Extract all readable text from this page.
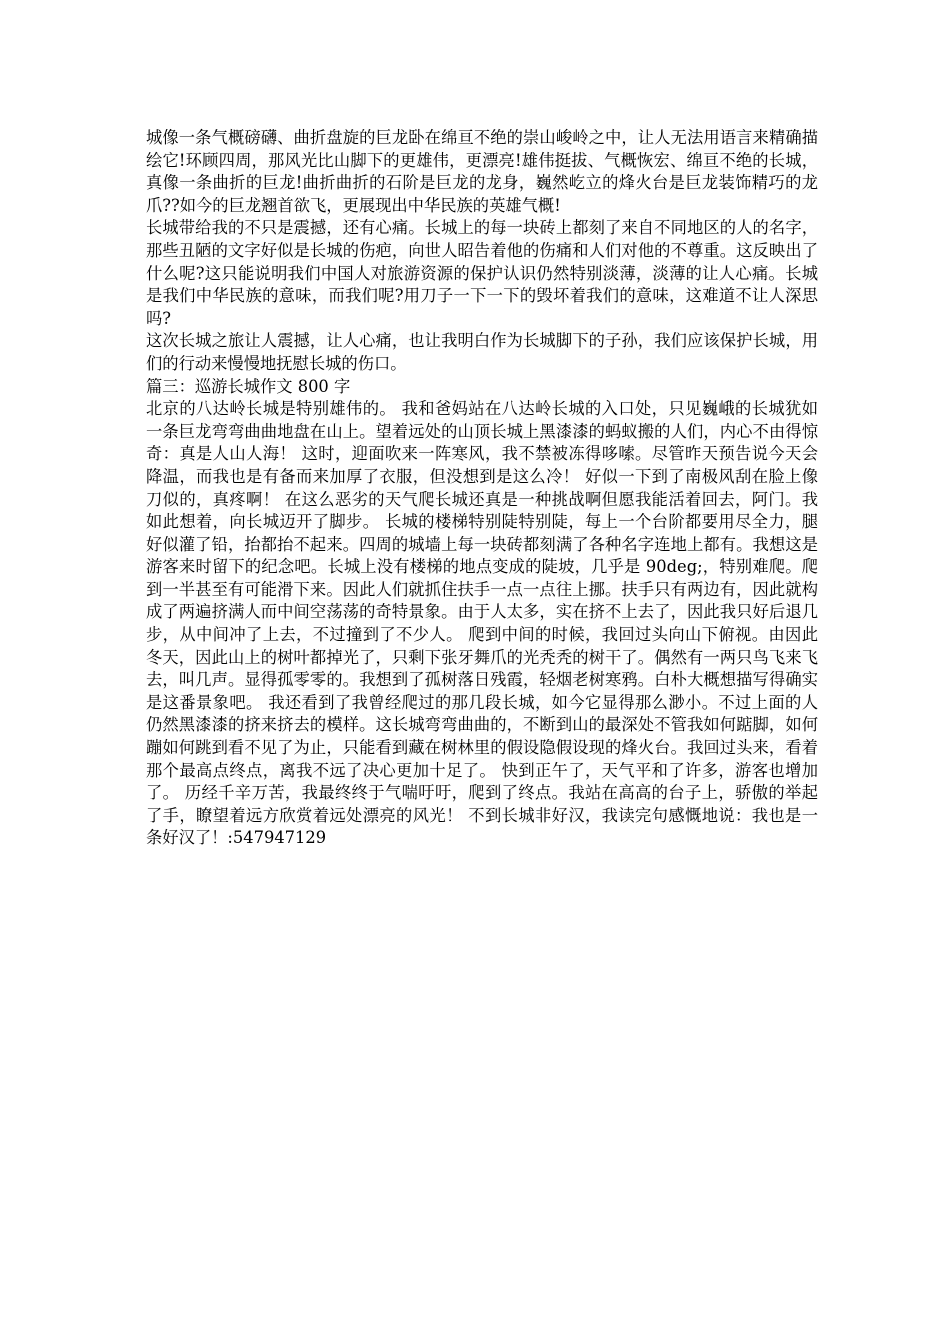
城像一条气概磅礴、曲折盘旋的巨龙卧在绵亘不绝的崇山峻岭之中，让人无法用语言来精确描绘它!环顾四周，那风光比山脚下的更雄伟，更漂亮!雄伟挺拔、气概恢宏、绵亘不绝的长城，真像一条曲折的巨龙!曲折曲折的石阶是巨龙的龙身，巍然屹立的烽火台是巨龙装饰精巧的龙爪??如今的巨龙翘首欲飞，更展现出中华民族的英雄气概!

长城带给我的不只是震撼，还有心痛。长城上的每一块砖上都刻了来自不同地区的人的名字，那些丑陋的文字好似是长城的伤疤，向世人昭告着他的伤痛和人们对他的不尊重。这反映出了什么呢?这只能说明我们中国人对旅游资源的保护认识仍然特别淡薄，淡薄的让人心痛。长城是我们中华民族的意味，而我们呢?用刀子一下一下的毁坏着我们的意味，这难道不让人深思吗?

这次长城之旅让人震撼，让人心痛，也让我明白作为长城脚下的子孙，我们应该保护长城，用们的行动来慢慢地抚慰长城的伤口。

篇三：巡游长城作文 800 字

北京的八达岭长城是特别雄伟的。 我和爸妈站在八达岭长城的入口处，只见巍峨的长城犹如一条巨龙弯弯曲曲地盘在山上。望着远处的山顶长城上黑漆漆的蚂蚁搬的人们，内心不由得惊奇：真是人山人海！ 这时，迎面吹来一阵寒风，我不禁被冻得哆嗦。尽管昨天预告说今天会降温，而我也是有备而来加厚了衣服，但没想到是这么冷！ 好似一下到了南极风刮在脸上像刀似的，真疼啊！ 在这么恶劣的天气爬长城还真是一种挑战啊但愿我能活着回去，阿门。我如此想着，向长城迈开了脚步。 长城的楼梯特别陡特别陡，每上一个台阶都要用尽全力，腿好似灌了铅，抬都抬不起来。四周的城墙上每一块砖都刻满了各种名字连地上都有。我想这是游客来时留下的纪念吧。长城上没有楼梯的地点变成的陡坡，几乎是 90deg;，特别难爬。爬到一半甚至有可能滑下来。因此人们就抓住扶手一点一点往上挪。扶手只有两边有，因此就构成了两遍挤满人而中间空荡荡的奇特景象。由于人太多，实在挤不上去了，因此我只好后退几步，从中间冲了上去，不过撞到了不少人。 爬到中间的时候，我回过头向山下俯视。由因此冬天，因此山上的树叶都掉光了，只剩下张牙舞爪的光秃秃的树干了。偶然有一两只鸟飞来飞去，叫几声。显得孤零零的。我想到了孤树落日残霞，轻烟老树寒鸦。白朴大概想描写得确实是这番景象吧。 我还看到了我曾经爬过的那几段长城，如今它显得那么渺小。不过上面的人仍然黑漆漆的挤来挤去的模样。这长城弯弯曲曲的，不断到山的最深处不管我如何踮脚，如何蹦如何跳到看不见了为止，只能看到藏在树林里的假设隐假设现的烽火台。我回过头来，看着那个最高点终点，离我不远了决心更加十足了。 快到正午了，天气平和了许多，游客也增加了。 历经千辛万苦，我最终终于气喘吁吁，爬到了终点。我站在高高的台子上，骄傲的举起了手，瞭望着远方欣赏着远处漂亮的风光！ 不到长城非好汉，我读完句感慨地说：我也是一条好汉了！:547947129
